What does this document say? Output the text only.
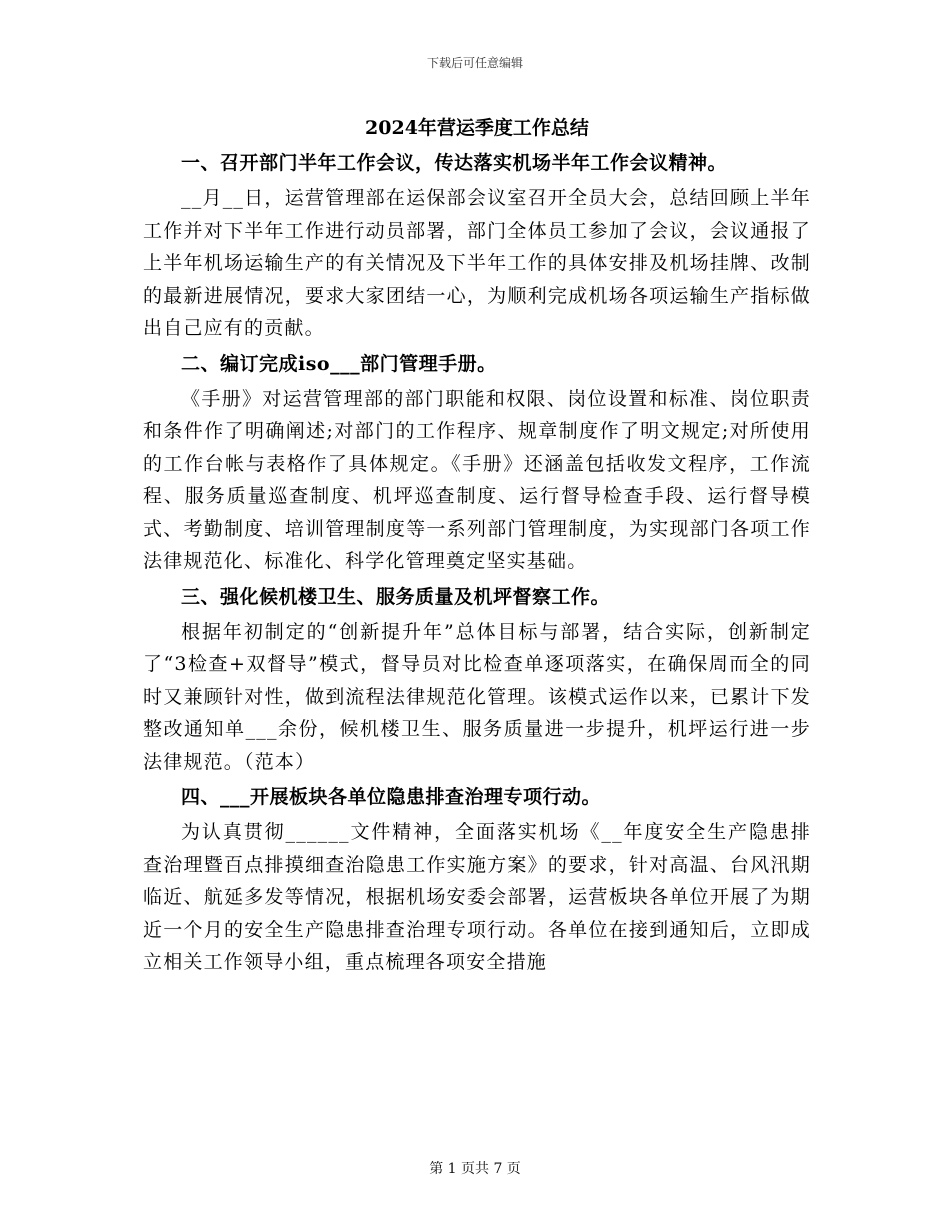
下载后可任意编辑
2024年营运季度工作总结
一、召开部门半年工作会议，传达落实机场半年工作会议精神。
__月__日，运营管理部在运保部会议室召开全员大会，总结回顾上半年工作并对下半年工作进行动员部署，部门全体员工参加了会议，会议通报了上半年机场运输生产的有关情况及下半年工作的具体安排及机场挂牌、改制的最新进展情况，要求大家团结一心，为顺利完成机场各项运输生产指标做出自己应有的贡献。
二、编订完成iso___部门管理手册。
《手册》对运营管理部的部门职能和权限、岗位设置和标准、岗位职责和条件作了明确阐述;对部门的工作程序、规章制度作了明文规定;对所使用的工作台帐与表格作了具体规定。《手册》还涵盖包括收发文程序，工作流程、服务质量巡查制度、机坪巡查制度、运行督导检查手段、运行督导模式、考勤制度、培训管理制度等一系列部门管理制度，为实现部门各项工作法律规范化、标准化、科学化管理奠定坚实基础。
三、强化候机楼卫生、服务质量及机坪督察工作。
根据年初制定的“创新提升年”总体目标与部署，结合实际，创新制定了“3检查+双督导”模式，督导员对比检查单逐项落实，在确保周而全的同时又兼顾针对性，做到流程法律规范化管理。该模式运作以来，已累计下发整改通知单___余份，候机楼卫生、服务质量进一步提升，机坪运行进一步法律规范。（范本）
四、___开展板块各单位隐患排查治理专项行动。
为认真贯彻______文件精神，全面落实机场《__年度安全生产隐患排查治理暨百点排摸细查治隐患工作实施方案》的要求，针对高温、台风汛期临近、航延多发等情况，根据机场安委会部署，运营板块各单位开展了为期近一个月的安全生产隐患排查治理专项行动。各单位在接到通知后，立即成立相关工作领导小组，重点梳理各项安全措施
第 1 页共 7 页
